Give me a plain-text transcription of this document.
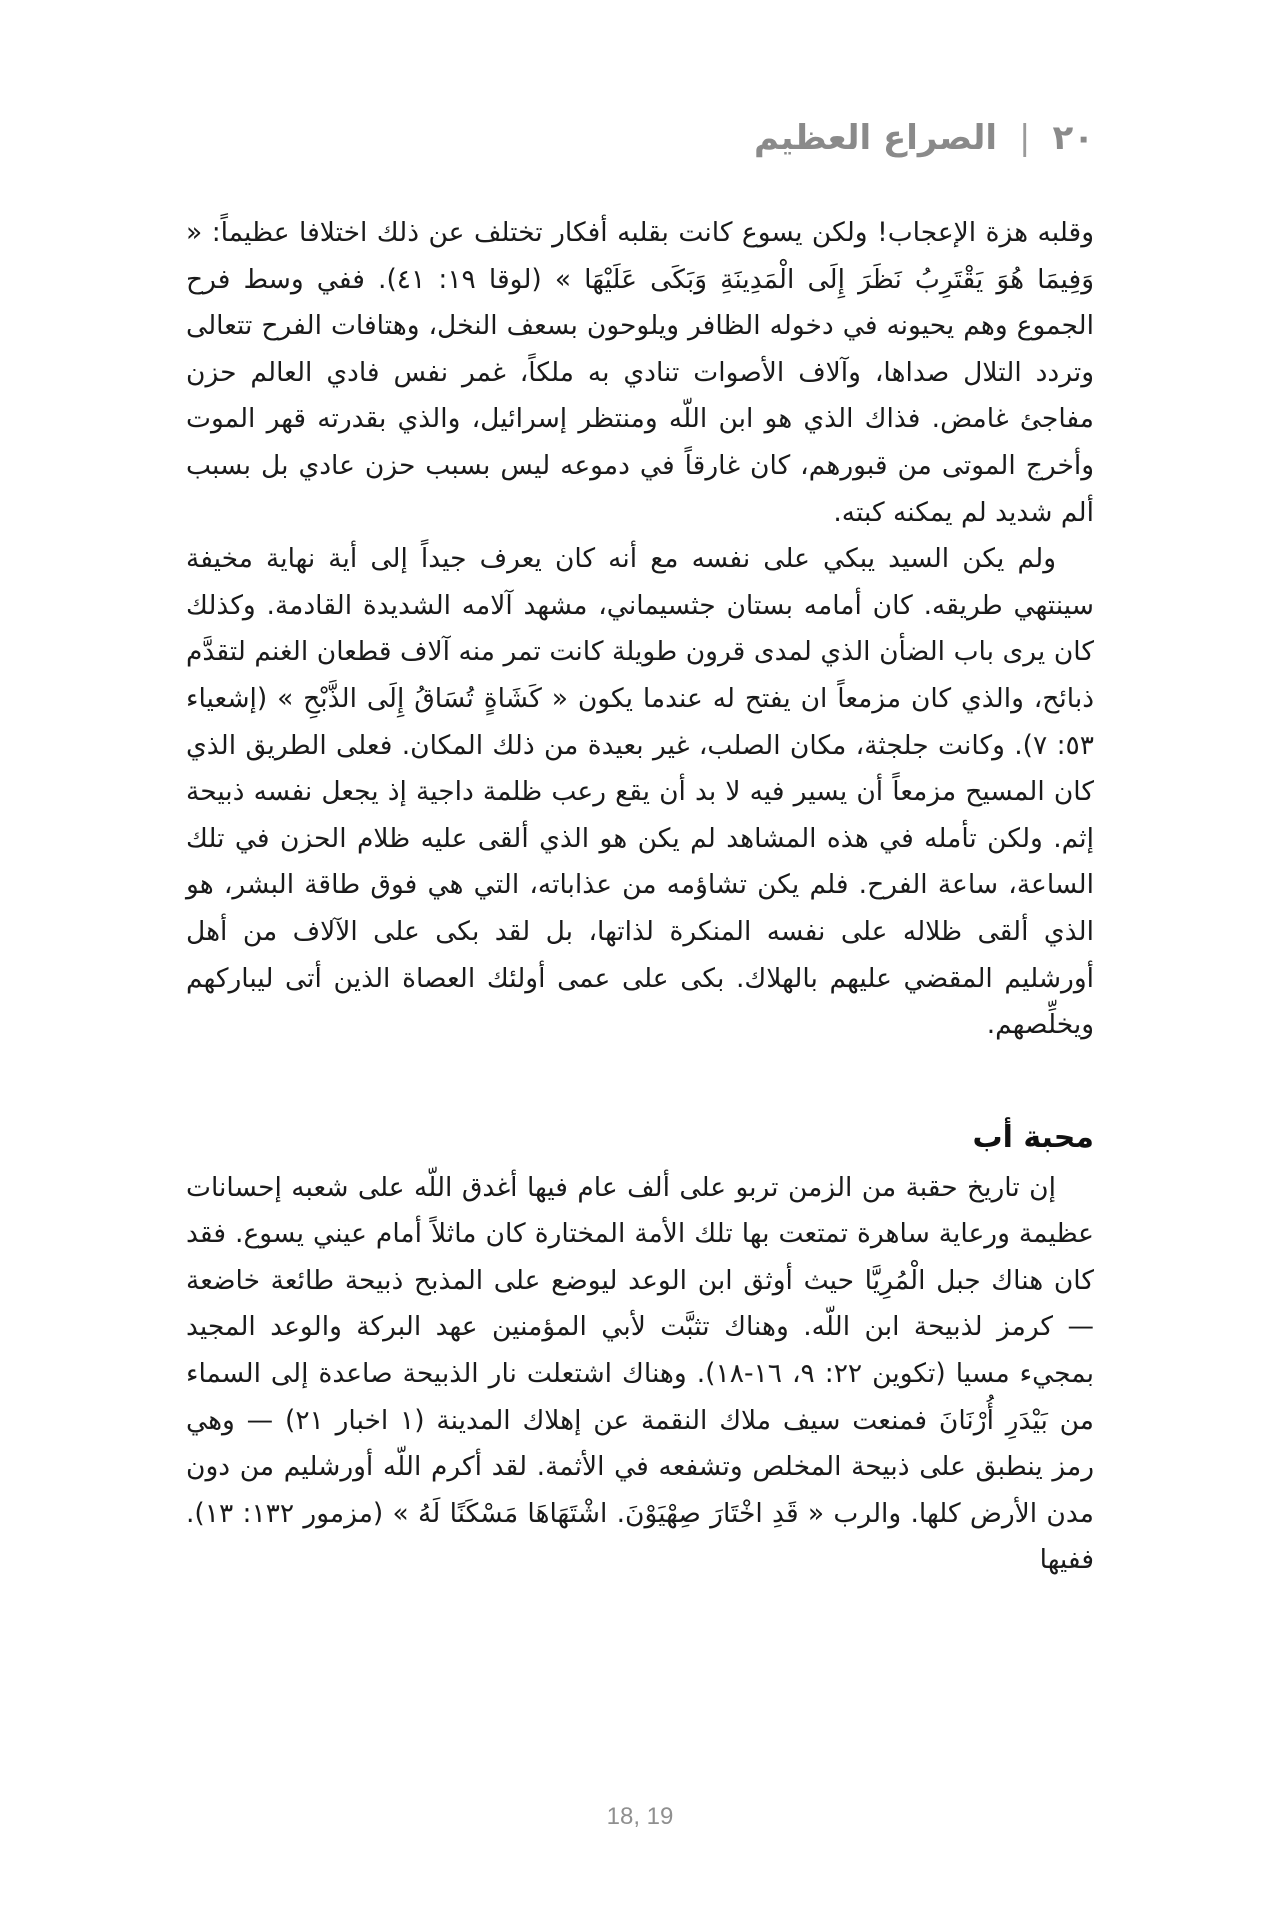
٢٠
|
الصراع العظيم

وقلبه هزة الإعجاب! ولكن يسوع كانت بقلبه أفكار تختلف عن ذلك اختلافا عظيماً: « وَفِيمَا هُوَ يَقْتَرِبُ نَظَرَ إِلَى الْمَدِينَةِ وَبَكَى عَلَيْهَا » (لوقا ١٩: ٤١). ففي وسط فرح الجموع وهم يحيونه في دخوله الظافر ويلوحون بسعف النخل، وهتافات الفرح تتعالى وتردد التلال صداها، وآلاف الأصوات تنادي به ملكاً، غمر نفس فادي العالم حزن مفاجئ غامض. فذاك الذي هو ابن اللّه ومنتظر إسرائيل، والذي بقدرته قهر الموت وأخرج الموتى من قبورهم، كان غارقاً في دموعه ليس بسبب حزن عادي بل بسبب ألم شديد لم يمكنه كبته.

ولم يكن السيد يبكي على نفسه مع أنه كان يعرف جيداً إلى أية نهاية مخيفة سينتهي طريقه. كان أمامه بستان جثسيماني، مشهد آلامه الشديدة القادمة. وكذلك كان يرى باب الضأن الذي لمدى قرون طويلة كانت تمر منه آلاف قطعان الغنم لتقدَّم ذبائح، والذي كان مزمعاً ان يفتح له عندما يكون « كَشَاةٍ تُسَاقُ إِلَى الذَّبْحِ » (إشعياء ٥٣: ٧). وكانت جلجثة، مكان الصلب، غير بعيدة من ذلك المكان. فعلى الطريق الذي كان المسيح مزمعاً أن يسير فيه لا بد أن يقع رعب ظلمة داجية إذ يجعل نفسه ذبيحة إثم. ولكن تأمله في هذه المشاهد لم يكن هو الذي ألقى عليه ظلام الحزن في تلك الساعة، ساعة الفرح. فلم يكن تشاؤمه من عذاباته، التي هي فوق طاقة البشر، هو الذي ألقى ظلاله على نفسه المنكرة لذاتها، بل لقد بكى على الآلاف من أهل أورشليم المقضي عليهم بالهلاك. بكى على عمى أولئك العصاة الذين أتى ليباركهم ويخلِّصهم.

محبة أب

إن تاريخ حقبة من الزمن تربو على ألف عام فيها أغدق اللّه على شعبه إحسانات عظيمة ورعاية ساهرة تمتعت بها تلك الأمة المختارة كان ماثلاً أمام عيني يسوع. فقد كان هناك جبل الْمُرِيَّا حيث أوثق ابن الوعد ليوضع على المذبح ذبيحة طائعة خاضعة — كرمز لذبيحة ابن اللّه. وهناك تثبَّت لأبي المؤمنين عهد البركة والوعد المجيد بمجيء مسيا (تكوين ٢٢: ٩، ١٦-١٨). وهناك اشتعلت نار الذبيحة صاعدة إلى السماء من بَيْدَرِ أُرْنَانَ فمنعت سيف ملاك النقمة عن إهلاك المدينة (١ اخبار ٢١) — وهي رمز ينطبق على ذبيحة المخلص وتشفعه في الأثمة. لقد أكرم اللّه أورشليم من دون مدن الأرض كلها. والرب « قَدِ اخْتَارَ صِهْيَوْنَ. اشْتَهَاهَا مَسْكَنًا لَهُ » (مزمور ١٣٢: ١٣). ففيها

18, 19
